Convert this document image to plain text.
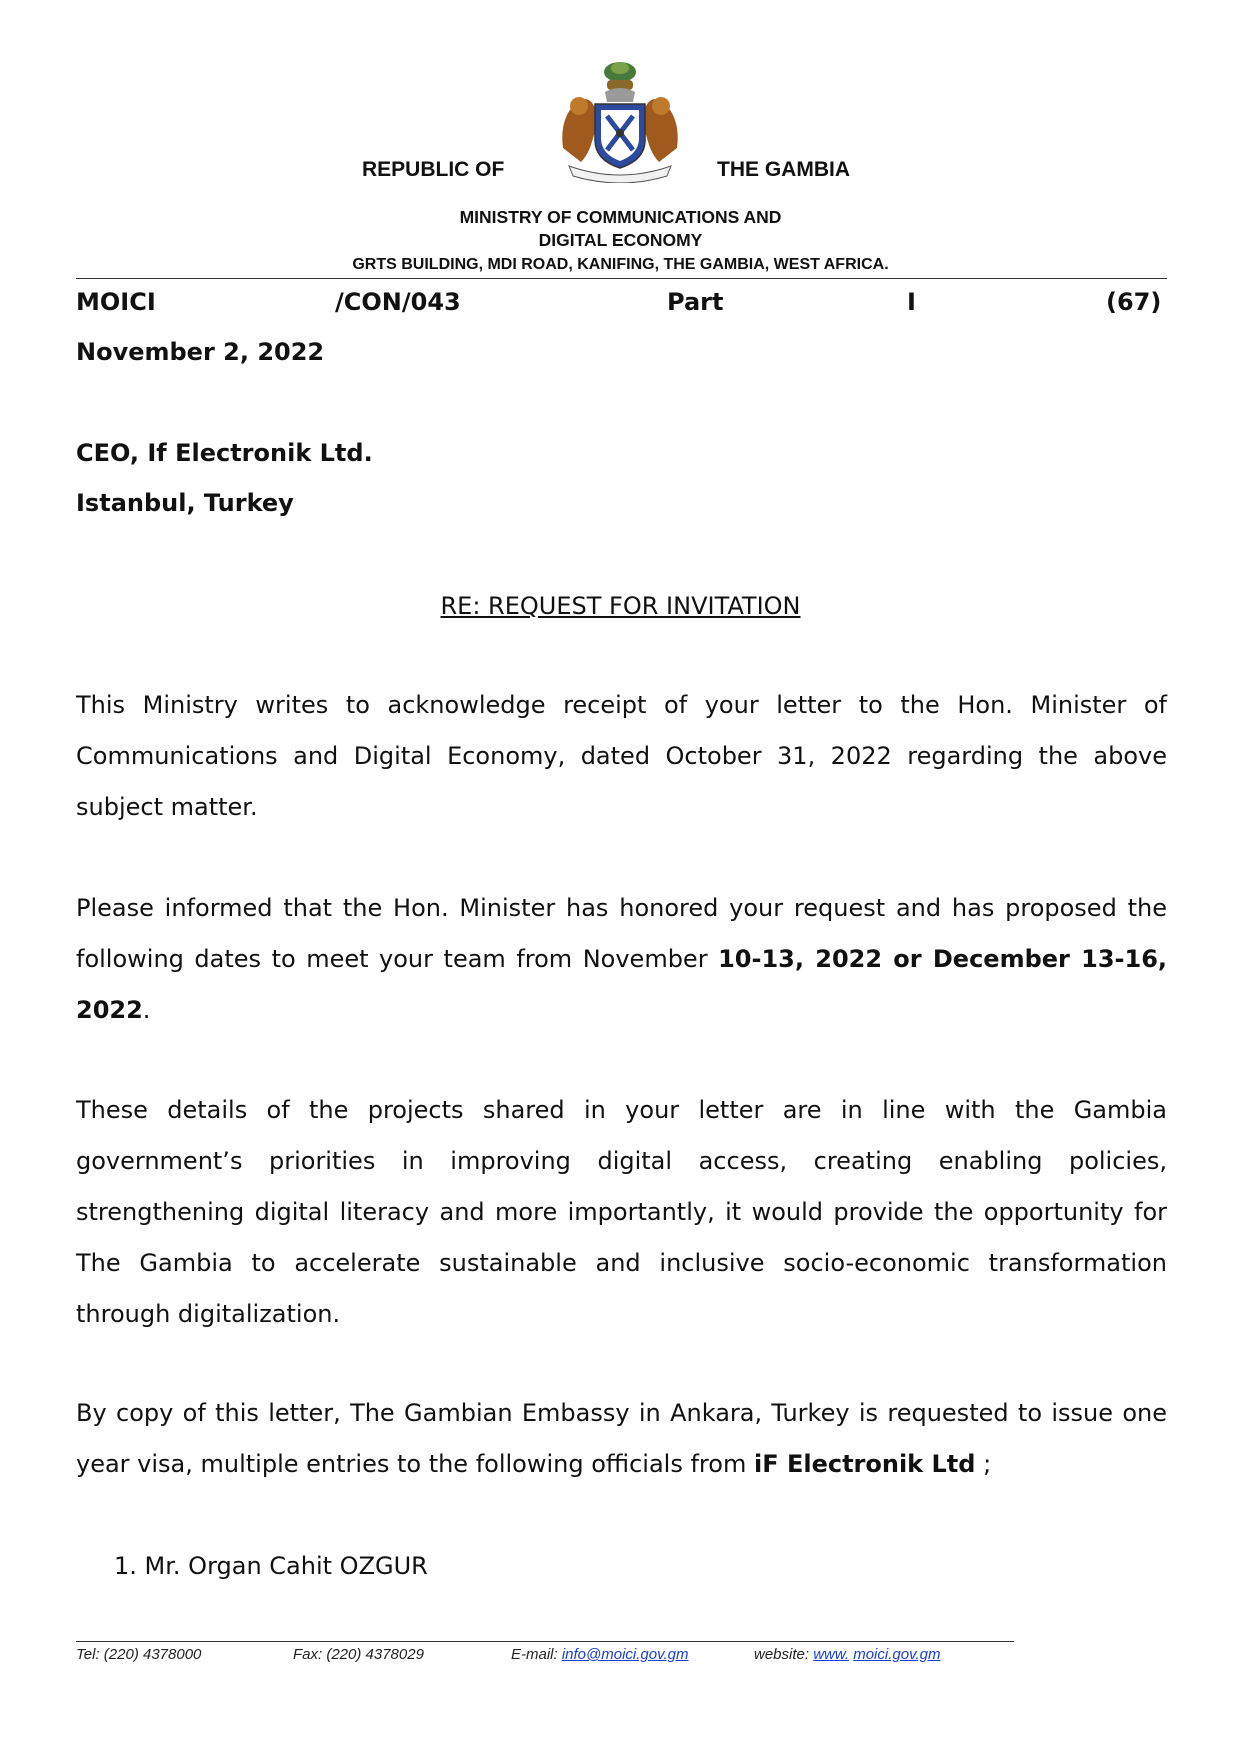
REPUBLIC OF	THE GAMBIA
MINISTRY OF COMMUNICATIONS AND
DIGITAL ECONOMY
GRTS BUILDING, MDI ROAD, KANIFING, THE GAMBIA, WEST AFRICA.
MOICI	/CON/043	Part	I	(67)
November 2, 2022
CEO, If Electronik Ltd.
Istanbul, Turkey
RE: REQUEST FOR INVITATION
This Ministry writes to acknowledge receipt of your letter to the Hon. Minister of Communications and Digital Economy, dated October 31, 2022 regarding the above subject matter.
Please informed that the Hon. Minister has honored your request and has proposed the following dates to meet your team from November 10-13, 2022 or December 13-16, 2022.
These details of the projects shared in your letter are in line with the Gambia government’s priorities in improving digital access, creating enabling policies, strengthening digital literacy and more importantly, it would provide the opportunity for The Gambia to accelerate sustainable and inclusive socio-economic transformation through digitalization.
By copy of this letter, The Gambian Embassy in Ankara, Turkey is requested to issue one year visa, multiple entries to the following officials from iF Electronik Ltd ;
1. Mr. Organ Cahit OZGUR
Tel: (220) 4378000	Fax: (220) 4378029	E-mail: info@moici.gov.gm	website: www. moici.gov.gm
